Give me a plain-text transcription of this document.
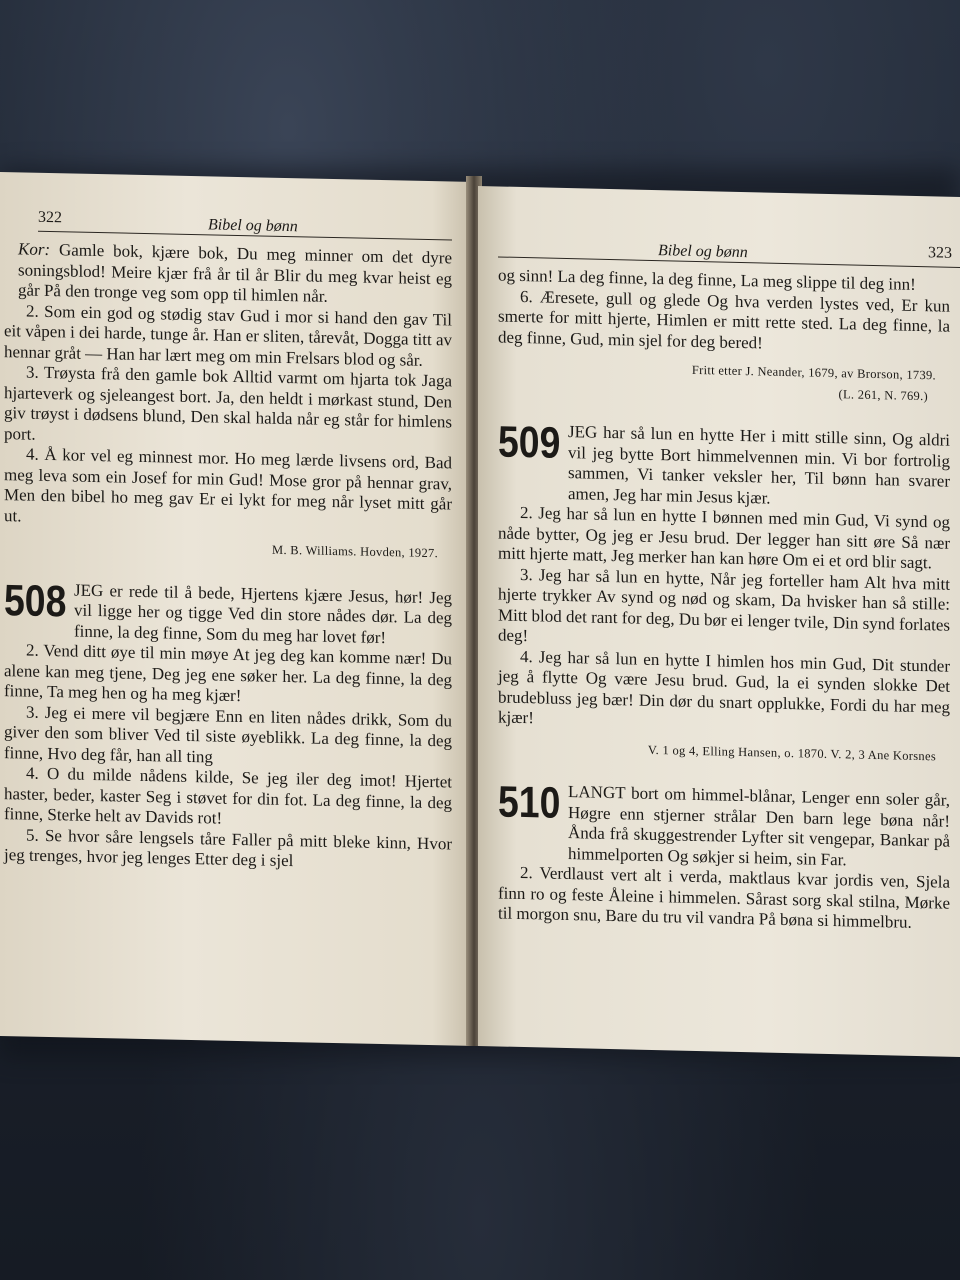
322	Bibel og bønn

Kor: Gamle bok, kjære bok, Du meg minner om det dyre soningsblod! Meire kjær frå år til år Blir du meg kvar heist eg går På den tronge veg som opp til himlen når.

2. Som ein god og stødig stav Gud i mor si hand den gav Til eit våpen i dei harde, tunge år. Han er sliten, tårevåt, Dogga titt av hennar gråt — Han har lært meg om min Frelsars blod og sår.

3. Trøysta frå den gamle bok Alltid varmt om hjarta tok Jaga hjarteverk og sjeleangest bort. Ja, den heldt i mørkast stund, Den giv trøyst i dødsens blund, Den skal halda når eg står for himlens port.

4. Å kor vel eg minnest mor. Ho meg lærde livsens ord, Bad meg leva som ein Josef for min Gud! Mose gror på hennar grav, Men den bibel ho meg gav Er ei lykt for meg når lyset mitt går ut.

M. B. Williams. Hovden, 1927.

508 JEG er rede til å bede, Hjertens kjære Jesus, hør! Jeg vil ligge her og tigge Ved din store nådes dør. La deg finne, la deg finne, Som du meg har lovet før!

2. Vend ditt øye til min møye At jeg deg kan komme nær! Du alene kan meg tjene, Deg jeg ene søker her. La deg finne, la deg finne, Ta meg hen og ha meg kjær!

3. Jeg ei mere vil begjære Enn en liten nådes drikk, Som du giver den som bliver Ved til siste øyeblikk. La deg finne, la deg finne, Hvo deg får, han all ting

4. O du milde nådens kilde, Se jeg iler deg imot! Hjertet haster, beder, kaster Seg i støvet for din fot. La deg finne, la deg finne, Sterke helt av Davids rot!

5. Se hvor såre lengsels tåre Faller på mitt bleke kinn, Hvor jeg trenges, hvor jeg lenges Etter deg i sjel

Bibel og bønn	323

og sinn! La deg finne, la deg finne, La meg slippe til deg inn!

6. Æresete, gull og glede Og hva verden lystes ved, Er kun smerte for mitt hjerte, Himlen er mitt rette sted. La deg finne, la deg finne, Gud, min sjel for deg bered!

Fritt etter J. Neander, 1679, av Brorson, 1739.

(L. 261, N. 769.)

509 JEG har så lun en hytte Her i mitt stille sinn, Og aldri vil jeg bytte Bort himmelvennen min. Vi bor fortrolig sammen, Vi tanker veksler her, Til bønn han svarer amen, Jeg har min Jesus kjær.

2. Jeg har så lun en hytte I bønnen med min Gud, Vi synd og nåde bytter, Og jeg er Jesu brud. Der legger han sitt øre Så nær mitt hjerte matt, Jeg merker han kan høre Om ei et ord blir sagt.

3. Jeg har så lun en hytte, Når jeg forteller ham Alt hva mitt hjerte trykker Av synd og nød og skam, Da hvisker han så stille: Mitt blod det rant for deg, Du bør ei lenger tvile, Din synd forlates deg!

4. Jeg har så lun en hytte I himlen hos min Gud, Dit stunder jeg å flytte Og være Jesu brud. Gud, la ei synden slokke Det brudebluss jeg bær! Din dør du snart opplukke, Fordi du har meg kjær!

V. 1 og 4, Elling Hansen, o. 1870. V. 2, 3 Ane Korsnes

510 LANGT bort om himmel-blånar, Lenger enn soler går, Høgre enn stjerner strålar Den barn lege bøna når! Ånda frå skuggestrender Lyfter sit vengepar, Bankar på himmelporten Og søkjer si heim, sin Far.

2. Verdlaust vert alt i verda, maktlaus kvar jordis ven, Sjela finn ro og feste Åleine i himmelen. Sårast sorg skal stilna, Mørke til morgon snu, Bare du tru vil vandra På bøna si himmelbru.
